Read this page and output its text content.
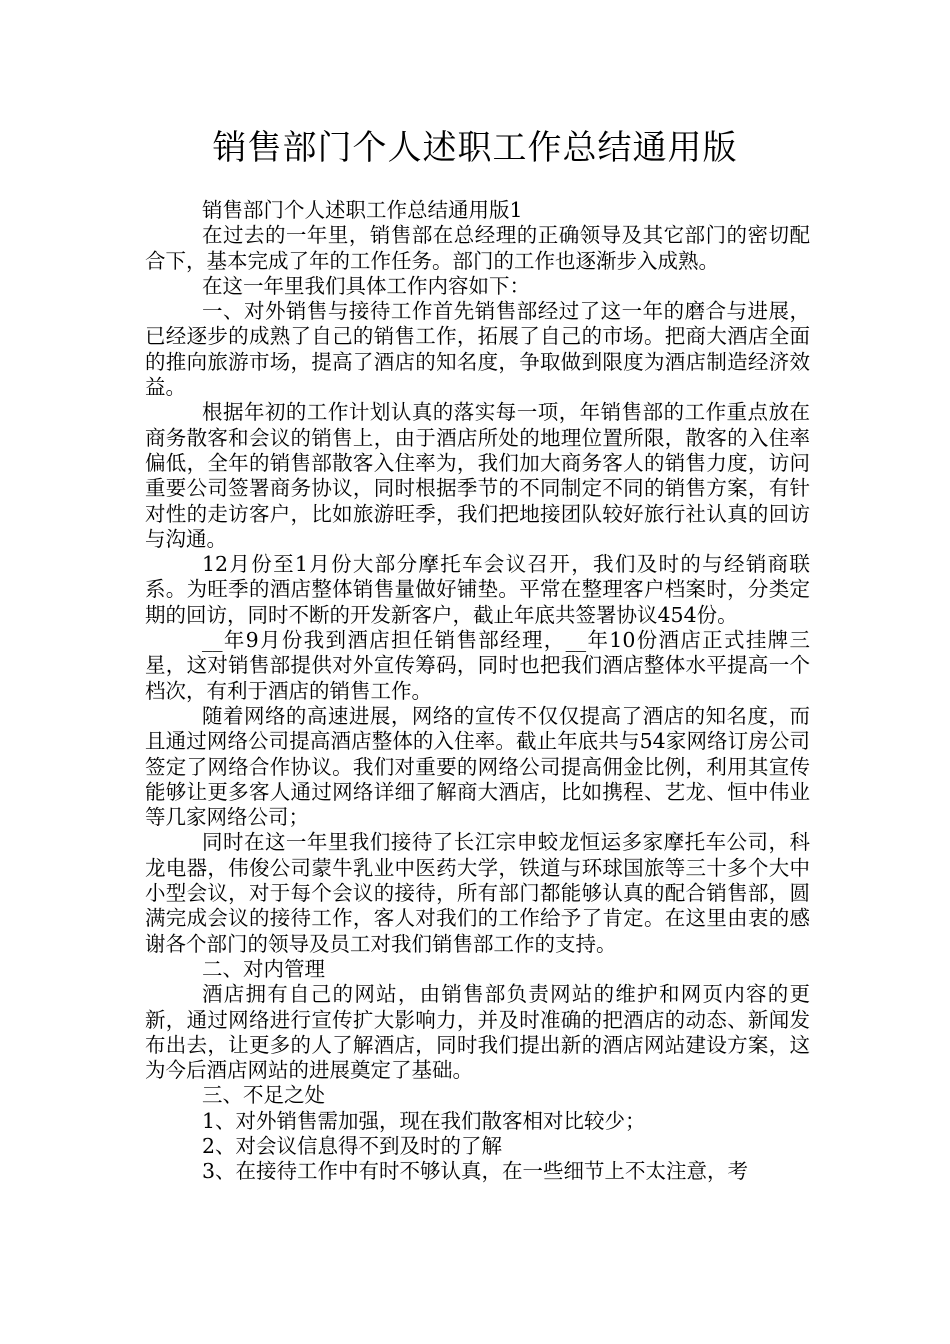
销售部门个人述职工作总结通用版

销售部门个人述职工作总结通用版1

在过去的一年里，销售部在总经理的正确领导及其它部门的密切配合下，基本完成了年的工作任务。部门的工作也逐渐步入成熟。

在这一年里我们具体工作内容如下：

一、对外销售与接待工作首先销售部经过了这一年的磨合与进展，已经逐步的成熟了自己的销售工作，拓展了自己的市场。把商大酒店全面的推向旅游市场，提高了酒店的知名度，争取做到限度为酒店制造经济效益。

根据年初的工作计划认真的落实每一项，年销售部的工作重点放在商务散客和会议的销售上，由于酒店所处的地理位置所限，散客的入住率偏低，全年的销售部散客入住率为，我们加大商务客人的销售力度，访问重要公司签署商务协议，同时根据季节的不同制定不同的销售方案，有针对性的走访客户，比如旅游旺季，我们把地接团队较好旅行社认真的回访与沟通。

12月份至1月份大部分摩托车会议召开，我们及时的与经销商联系。为旺季的酒店整体销售量做好铺垫。平常在整理客户档案时，分类定期的回访，同时不断的开发新客户，截止年底共签署协议454份。

__年9月份我到酒店担任销售部经理，__年10份酒店正式挂牌三星，这对销售部提供对外宣传筹码，同时也把我们酒店整体水平提高一个档次，有利于酒店的销售工作。

随着网络的高速进展，网络的宣传不仅仅提高了酒店的知名度，而且通过网络公司提高酒店整体的入住率。截止年底共与54家网络订房公司签定了网络合作协议。我们对重要的网络公司提高佣金比例，利用其宣传能够让更多客人通过网络详细了解商大酒店，比如携程、艺龙、恒中伟业等几家网络公司；

同时在这一年里我们接待了长江宗申蛟龙恒运多家摩托车公司，科龙电器，伟俊公司蒙牛乳业中医药大学，铁道与环球国旅等三十多个大中小型会议，对于每个会议的接待，所有部门都能够认真的配合销售部，圆满完成会议的接待工作，客人对我们的工作给予了肯定。在这里由衷的感谢各个部门的领导及员工对我们销售部工作的支持。

二、对内管理

酒店拥有自己的网站，由销售部负责网站的维护和网页内容的更新，通过网络进行宣传扩大影响力，并及时准确的把酒店的动态、新闻发布出去，让更多的人了解酒店，同时我们提出新的酒店网站建设方案，这为今后酒店网站的进展奠定了基础。

三、不足之处

1、对外销售需加强，现在我们散客相对比较少；

2、对会议信息得不到及时的了解

3、在接待工作中有时不够认真，在一些细节上不太注意，考
